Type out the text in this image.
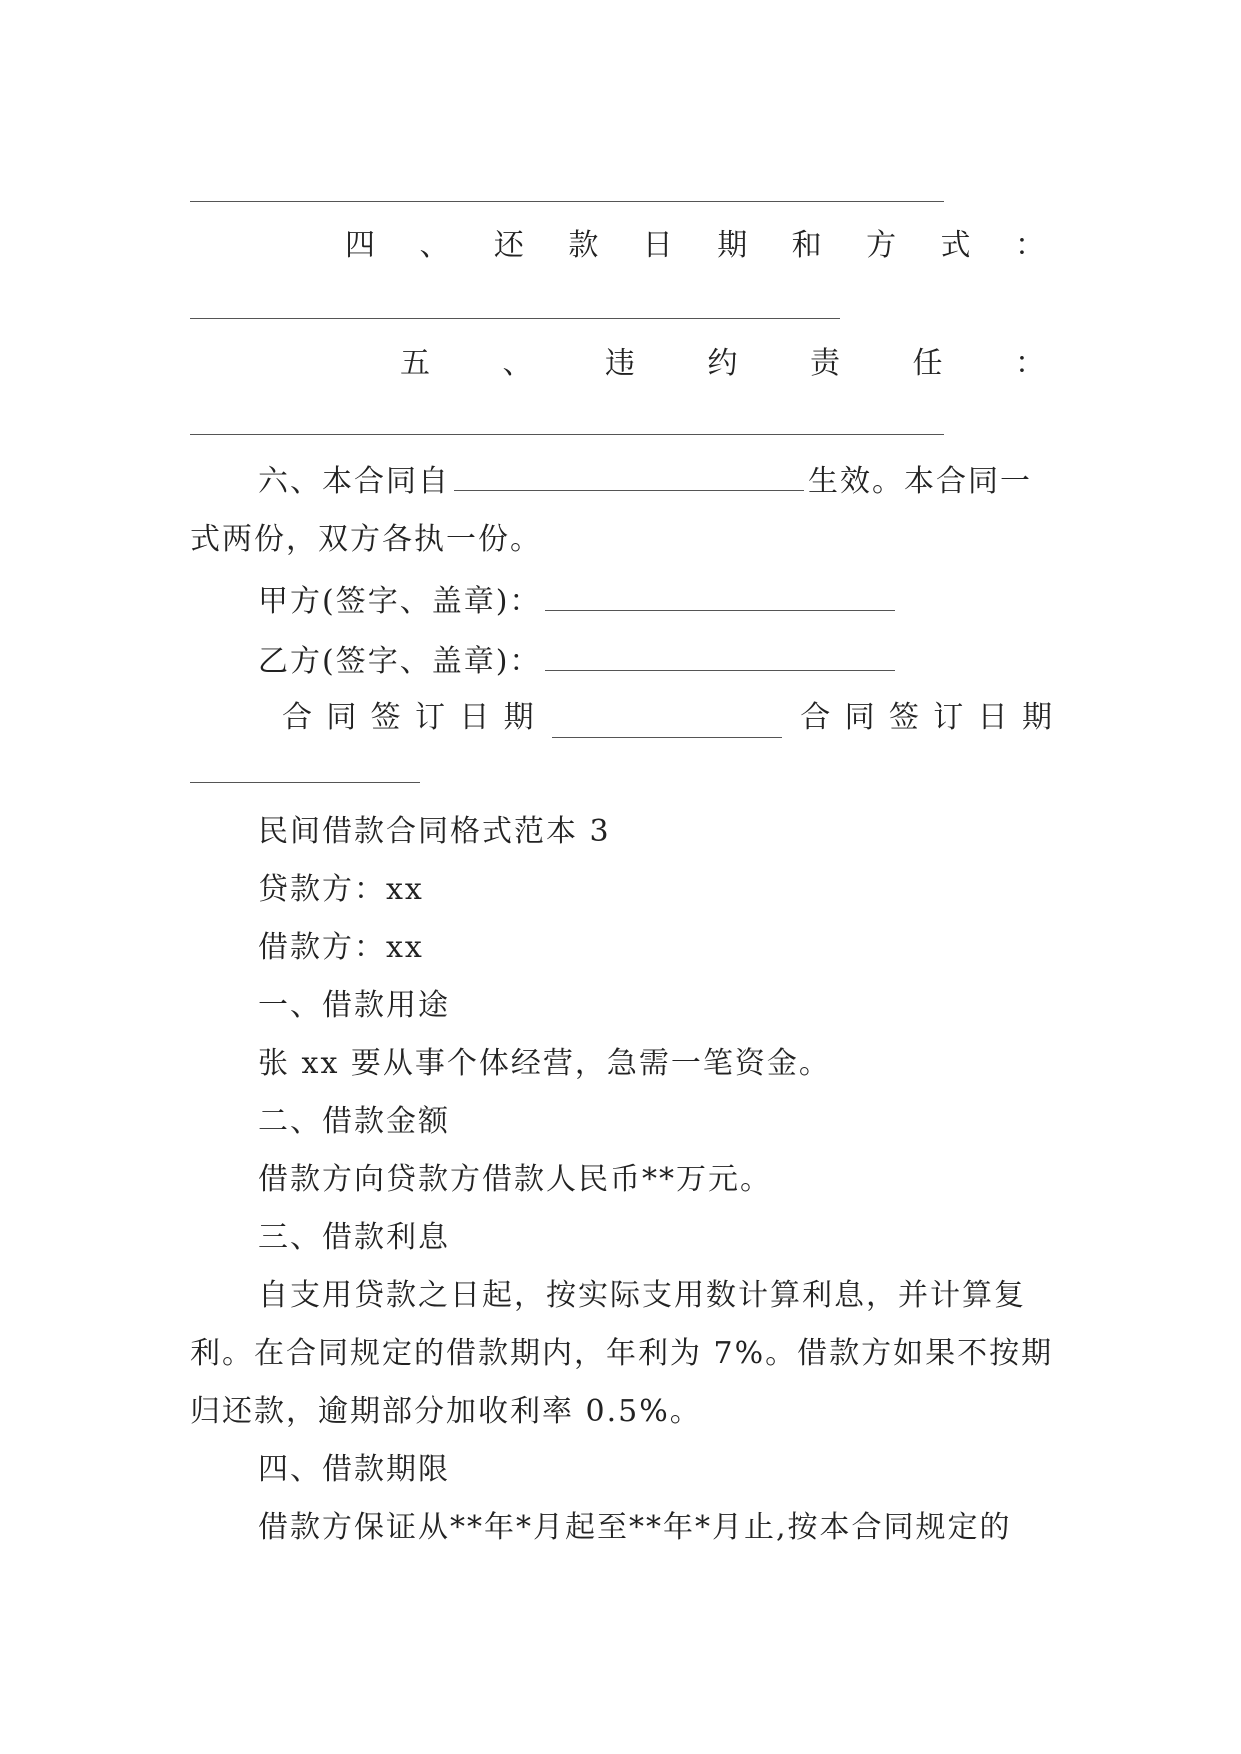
四 、 还 款 日 期 和 方 式 ：
五 、 违 约 责 任 ：
六、本合同自	生效。本合同一
式两份，双方各执一份。
甲方(签字、盖章)：
乙方(签字、盖章)：
合 同 签 订 日 期	合 同 签 订 日 期
民间借款合同格式范本 3
贷款方：xx
借款方：xx
一、借款用途
张 xx 要从事个体经营，急需一笔资金。
二、借款金额
借款方向贷款方借款人民币**万元。
三、借款利息
自支用贷款之日起，按实际支用数计算利息，并计算复
利。在合同规定的借款期内，年利为 7%。借款方如果不按期
归还款，逾期部分加收利率 0.5%。
四、借款期限
借款方保证从**年*月起至**年*月止,按本合同规定的
